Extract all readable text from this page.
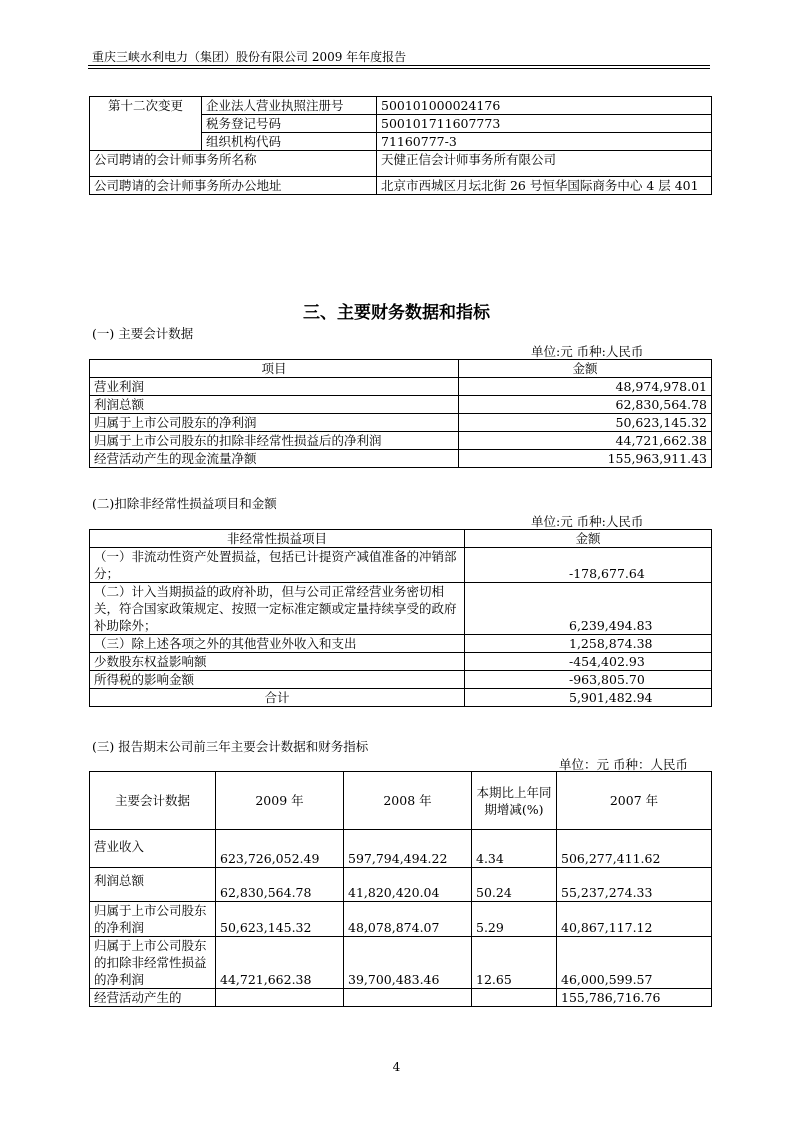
重庆三峡水利电力（集团）股份有限公司 2009 年年度报告
第十二次变更	企业法人营业执照注册号	500101000024176
	税务登记号码	500101711607773
	组织机构代码	71160777-3
公司聘请的会计师事务所名称		天健正信会计师事务所有限公司
公司聘请的会计师事务所办公地址		北京市西城区月坛北街 26 号恒华国际商务中心 4 层 401
三、主要财务数据和指标
(一) 主要会计数据
单位:元 币种:人民币
项目	金额
营业利润	48,974,978.01
利润总额	62,830,564.78
归属于上市公司股东的净利润	50,623,145.32
归属于上市公司股东的扣除非经常性损益后的净利润	44,721,662.38
经营活动产生的现金流量净额	155,963,911.43
(二)扣除非经常性损益项目和金额
单位:元 币种:人民币
非经常性损益项目	金额
（一）非流动性资产处置损益，包括已计提资产减值准备的冲销部分；	-178,677.64
（二）计入当期损益的政府补助，但与公司正常经营业务密切相关，符合国家政策规定、按照一定标准定额或定量持续享受的政府补助除外；	6,239,494.83
（三）除上述各项之外的其他营业外收入和支出	1,258,874.38
少数股东权益影响额	-454,402.93
所得税的影响金额	-963,805.70
合计	5,901,482.94
(三) 报告期末公司前三年主要会计数据和财务指标
单位：元 币种：人民币
主要会计数据	2009 年	2008 年	本期比上年同期增减(%)	2007 年
营业收入	623,726,052.49	597,794,494.22	4.34	506,277,411.62
利润总额	62,830,564.78	41,820,420.04	50.24	55,237,274.33
归属于上市公司股东的净利润	50,623,145.32	48,078,874.07	5.29	40,867,117.12
归属于上市公司股东的扣除非经常性损益的净利润	44,721,662.38	39,700,483.46	12.65	46,000,599.57
经营活动产生的				155,786,716.76
4
